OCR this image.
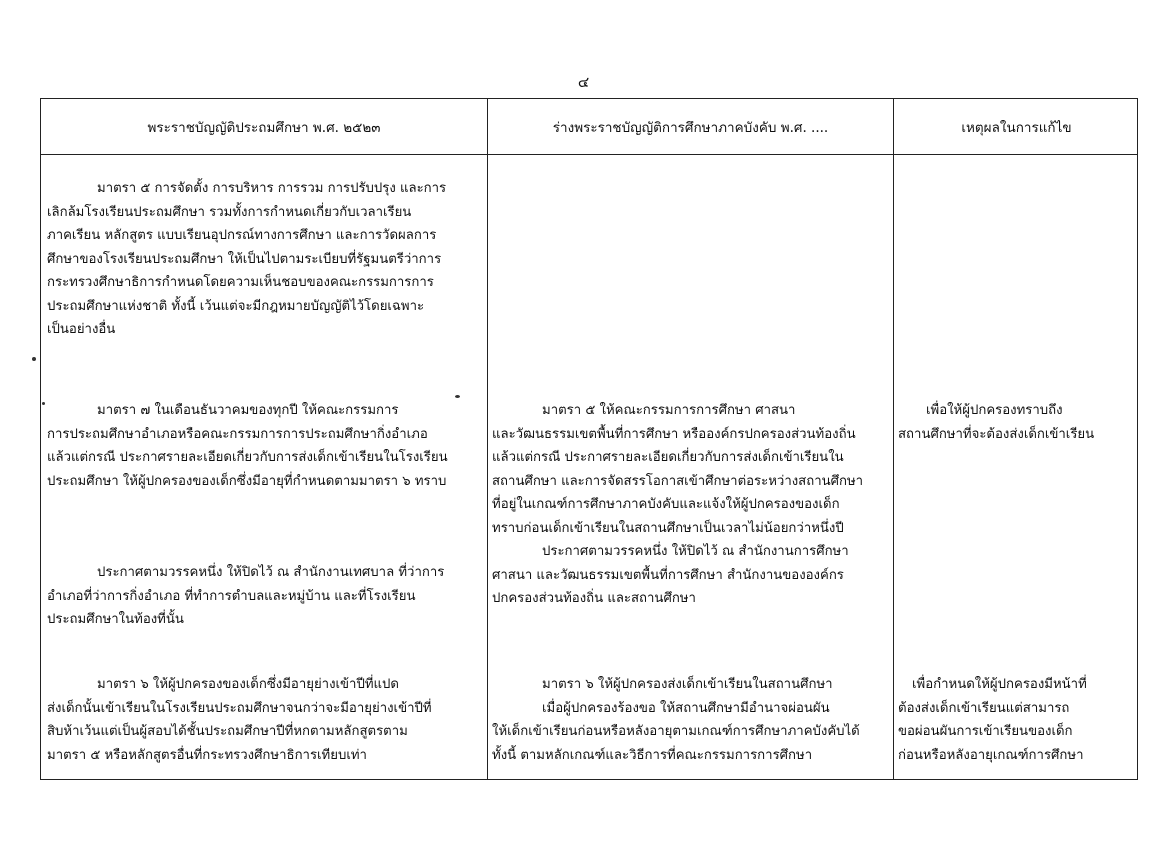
๔
พระราชบัญญัติประถมศึกษา พ.ศ. ๒๕๒๓	ร่างพระราชบัญญัติการศึกษาภาคบังคับ พ.ศ. ....	เหตุผลในการแก้ไข
มาตรา ๕ การจัดตั้ง การบริหาร การรวม การปรับปรุง และการ
เลิกล้มโรงเรียนประถมศึกษา รวมทั้งการกำหนดเกี่ยวกับเวลาเรียน
ภาคเรียน หลักสูตร แบบเรียนอุปกรณ์ทางการศึกษา และการวัดผลการ
ศึกษาของโรงเรียนประถมศึกษา ให้เป็นไปตามระเบียบที่รัฐมนตรีว่าการ
กระทรวงศึกษาธิการกำหนดโดยความเห็นชอบของคณะกรรมการการ
ประถมศึกษาแห่งชาติ ทั้งนี้ เว้นแต่จะมีกฎหมายบัญญัติไว้โดยเฉพาะ
เป็นอย่างอื่น
มาตรา ๗ ในเดือนธันวาคมของทุกปี ให้คณะกรรมการ
การประถมศึกษาอำเภอหรือคณะกรรมการการประถมศึกษากิ่งอำเภอ
แล้วแต่กรณี ประกาศรายละเอียดเกี่ยวกับการส่งเด็กเข้าเรียนในโรงเรียน
ประถมศึกษา ให้ผู้ปกครองของเด็กซึ่งมีอายุที่กำหนดตามมาตรา ๖ ทราบ
ประกาศตามวรรคหนึ่ง ให้ปิดไว้ ณ สำนักงานเทศบาล ที่ว่าการ
อำเภอที่ว่าการกิ่งอำเภอ ที่ทำการตำบลและหมู่บ้าน และที่โรงเรียน
ประถมศึกษาในท้องที่นั้น
มาตรา ๖ ให้ผู้ปกครองของเด็กซึ่งมีอายุย่างเข้าปีที่แปด
ส่งเด็กนั้นเข้าเรียนในโรงเรียนประถมศึกษาจนกว่าจะมีอายุย่างเข้าปีที่
สิบห้าเว้นแต่เป็นผู้สอบได้ชั้นประถมศึกษาปีที่หกตามหลักสูตรตาม
มาตรา ๕ หรือหลักสูตรอื่นที่กระทรวงศึกษาธิการเทียบเท่า
มาตรา ๕ ให้คณะกรรมการการศึกษา ศาสนา
และวัฒนธรรมเขตพื้นที่การศึกษา หรือองค์กรปกครองส่วนท้องถิ่น
แล้วแต่กรณี ประกาศรายละเอียดเกี่ยวกับการส่งเด็กเข้าเรียนใน
สถานศึกษา และการจัดสรรโอกาสเข้าศึกษาต่อระหว่างสถานศึกษา
ที่อยู่ในเกณฑ์การศึกษาภาคบังคับและแจ้งให้ผู้ปกครองของเด็ก
ทราบก่อนเด็กเข้าเรียนในสถานศึกษาเป็นเวลาไม่น้อยกว่าหนึ่งปี
ประกาศตามวรรคหนึ่ง ให้ปิดไว้ ณ สำนักงานการศึกษา
ศาสนา และวัฒนธรรมเขตพื้นที่การศึกษา สำนักงานขององค์กร
ปกครองส่วนท้องถิ่น และสถานศึกษา
มาตรา ๖ ให้ผู้ปกครองส่งเด็กเข้าเรียนในสถานศึกษา
เมื่อผู้ปกครองร้องขอ ให้สถานศึกษามีอำนาจผ่อนผัน
ให้เด็กเข้าเรียนก่อนหรือหลังอายุตามเกณฑ์การศึกษาภาคบังคับได้
ทั้งนี้ ตามหลักเกณฑ์และวิธีการที่คณะกรรมการการศึกษา
เพื่อให้ผู้ปกครองทราบถึง
สถานศึกษาที่จะต้องส่งเด็กเข้าเรียน
เพื่อกำหนดให้ผู้ปกครองมีหน้าที่
ต้องส่งเด็กเข้าเรียนแต่สามารถ
ขอผ่อนผันการเข้าเรียนของเด็ก
ก่อนหรือหลังอายุเกณฑ์การศึกษา
